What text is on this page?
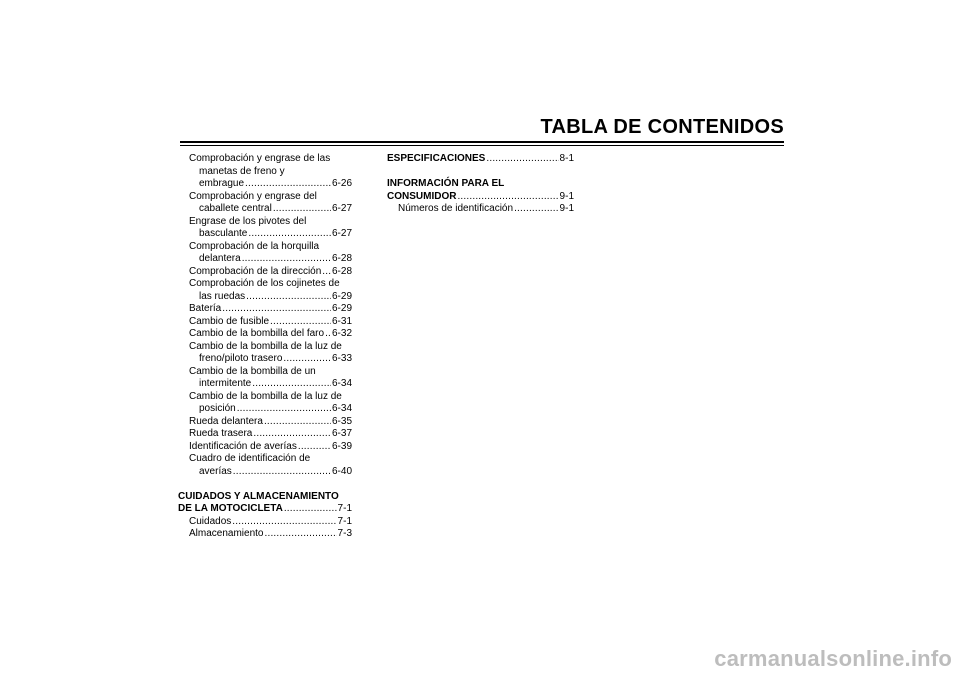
TABLA DE CONTENIDOS
Comprobación y engrase de las
manetas de freno y
embrague .....	6-26
Comprobación y engrase del
caballete central .....	6-27
Engrase de los pivotes del
basculante .....	6-27
Comprobación de la horquilla
delantera .....	6-28
Comprobación de la dirección ..... 6-28
Comprobación de los cojinetes de
las ruedas .....	6-29
Batería .....	6-29
Cambio de fusible .....	6-31
Cambio de la bombilla del faro ..... 6-32
Cambio de la bombilla de la luz de
freno/piloto trasero .....	6-33
Cambio de la bombilla de un
intermitente .....	6-34
Cambio de la bombilla de la luz de
posición .....	6-34
Rueda delantera .....	6-35
Rueda trasera .....	6-37
Identificación de averías .....	6-39
Cuadro de identificación de
averías .....	6-40
CUIDADOS Y ALMACENAMIENTO
DE LA MOTOCICLETA .....	7-1
Cuidados .....	7-1
Almacenamiento .....	7-3
ESPECIFICACIONES .....	8-1
INFORMACIÓN PARA EL
CONSUMIDOR .....	9-1
Números de identificación .....	9-1
carmanualsonline.info
